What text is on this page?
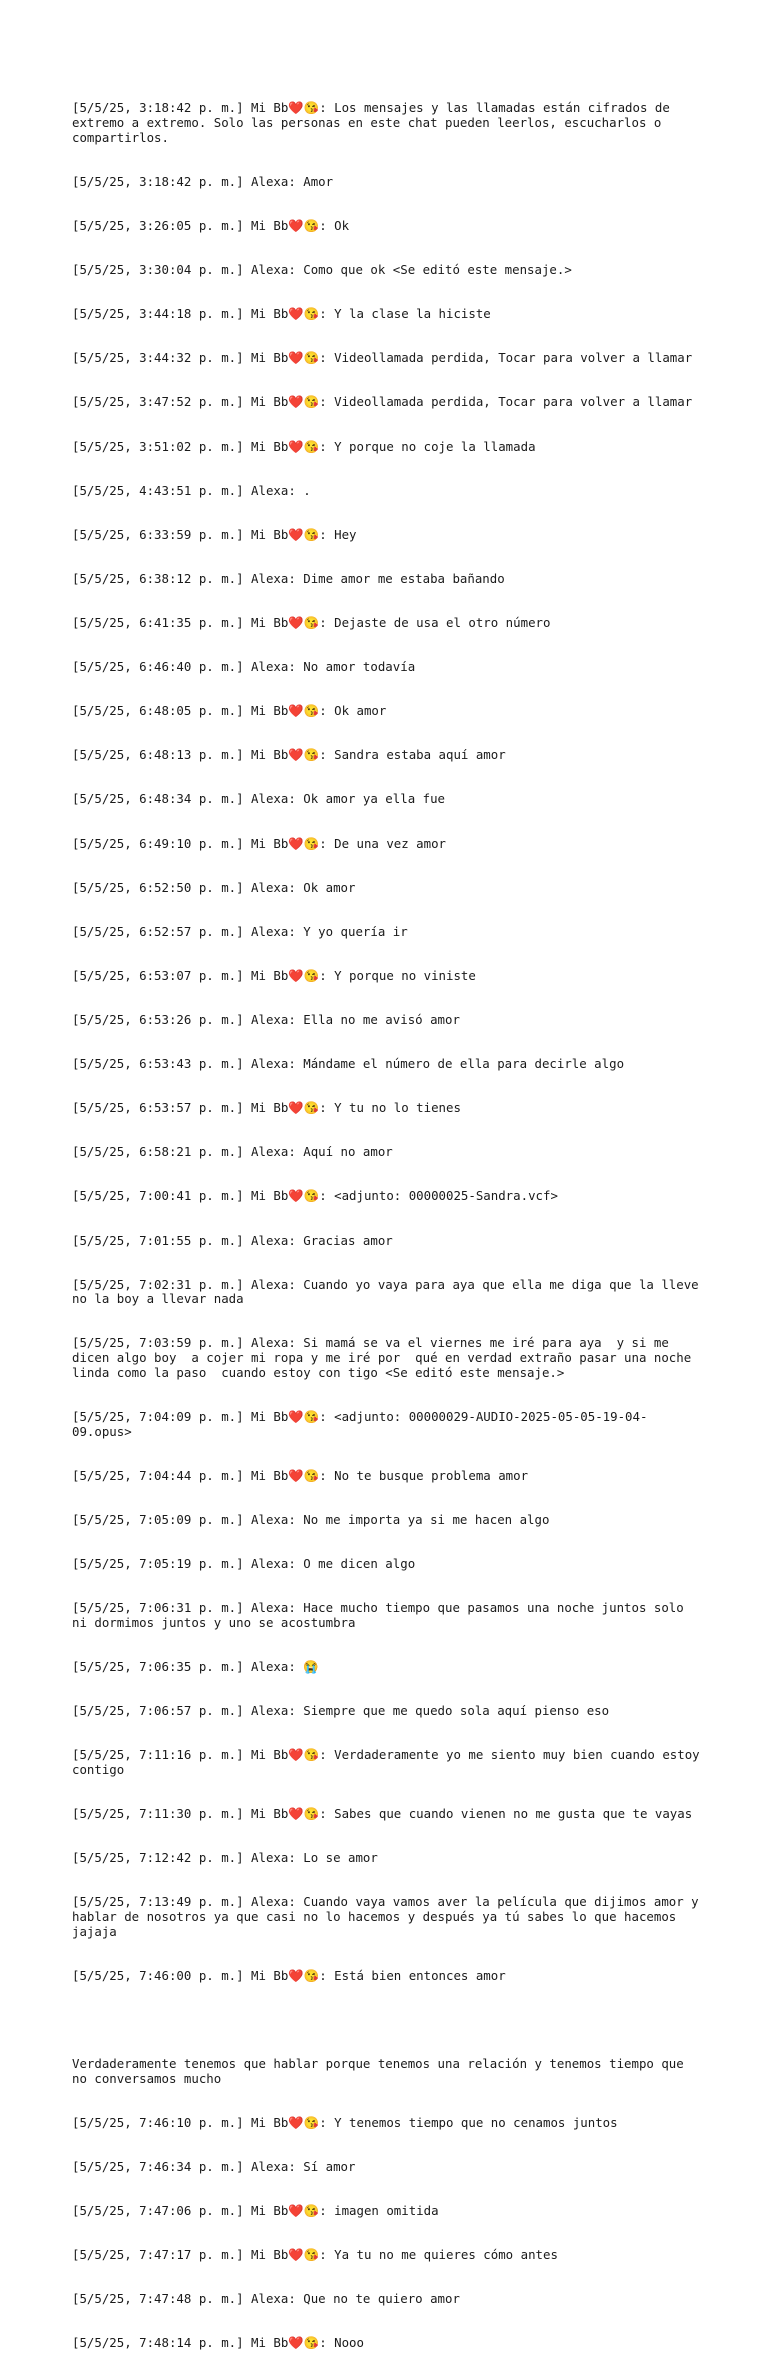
[5/5/25, 3:18:42 p. m.] Mi Bb❤️😘: Los mensajes y las llamadas están cifrados de extremo a extremo. Solo las personas en este chat pueden leerlos, escucharlos o compartirlos.

[5/5/25, 3:18:42 p. m.] Alexa: Amor

[5/5/25, 3:26:05 p. m.] Mi Bb❤️😘: Ok

[5/5/25, 3:30:04 p. m.] Alexa: Como que ok <Se editó este mensaje.>

[5/5/25, 3:44:18 p. m.] Mi Bb❤️😘: Y la clase la hiciste

[5/5/25, 3:44:32 p. m.] Mi Bb❤️😘: Videollamada perdida, Tocar para volver a llamar

[5/5/25, 3:47:52 p. m.] Mi Bb❤️😘: Videollamada perdida, Tocar para volver a llamar

[5/5/25, 3:51:02 p. m.] Mi Bb❤️😘: Y porque no coje la llamada

[5/5/25, 4:43:51 p. m.] Alexa: .

[5/5/25, 6:33:59 p. m.] Mi Bb❤️😘: Hey

[5/5/25, 6:38:12 p. m.] Alexa: Dime amor me estaba bañando

[5/5/25, 6:41:35 p. m.] Mi Bb❤️😘: Dejaste de usa el otro número

[5/5/25, 6:46:40 p. m.] Alexa: No amor todavía

[5/5/25, 6:48:05 p. m.] Mi Bb❤️😘: Ok amor

[5/5/25, 6:48:13 p. m.] Mi Bb❤️😘: Sandra estaba aquí amor

[5/5/25, 6:48:34 p. m.] Alexa: Ok amor ya ella fue

[5/5/25, 6:49:10 p. m.] Mi Bb❤️😘: De una vez amor

[5/5/25, 6:52:50 p. m.] Alexa: Ok amor

[5/5/25, 6:52:57 p. m.] Alexa: Y yo quería ir

[5/5/25, 6:53:07 p. m.] Mi Bb❤️😘: Y porque no viniste

[5/5/25, 6:53:26 p. m.] Alexa: Ella no me avisó amor

[5/5/25, 6:53:43 p. m.] Alexa: Mándame el número de ella para decirle algo

[5/5/25, 6:53:57 p. m.] Mi Bb❤️😘: Y tu no lo tienes

[5/5/25, 6:58:21 p. m.] Alexa: Aquí no amor

[5/5/25, 7:00:41 p. m.] Mi Bb❤️😘: <adjunto: 00000025-Sandra.vcf>

[5/5/25, 7:01:55 p. m.] Alexa: Gracias amor

[5/5/25, 7:02:31 p. m.] Alexa: Cuando yo vaya para aya que ella me diga que la lleve no la boy a llevar nada

[5/5/25, 7:03:59 p. m.] Alexa: Si mamá se va el viernes me iré para aya  y si me dicen algo boy  a cojer mi ropa y me iré por  qué en verdad extraño pasar una noche linda como la paso  cuando estoy con tigo <Se editó este mensaje.>

[5/5/25, 7:04:09 p. m.] Mi Bb❤️😘: <adjunto: 00000029-AUDIO-2025-05-05-19-04-09.opus>

[5/5/25, 7:04:44 p. m.] Mi Bb❤️😘: No te busque problema amor

[5/5/25, 7:05:09 p. m.] Alexa: No me importa ya si me hacen algo

[5/5/25, 7:05:19 p. m.] Alexa: O me dicen algo

[5/5/25, 7:06:31 p. m.] Alexa: Hace mucho tiempo que pasamos una noche juntos solo ni dormimos juntos y uno se acostumbra

[5/5/25, 7:06:35 p. m.] Alexa: 😭

[5/5/25, 7:06:57 p. m.] Alexa: Siempre que me quedo sola aquí pienso eso

[5/5/25, 7:11:16 p. m.] Mi Bb❤️😘: Verdaderamente yo me siento muy bien cuando estoy contigo

[5/5/25, 7:11:30 p. m.] Mi Bb❤️😘: Sabes que cuando vienen no me gusta que te vayas

[5/5/25, 7:12:42 p. m.] Alexa: Lo se amor

[5/5/25, 7:13:49 p. m.] Alexa: Cuando vaya vamos aver la película que dijimos amor y hablar de nosotros ya que casi no lo hacemos y después ya tú sabes lo que hacemos jajaja

[5/5/25, 7:46:00 p. m.] Mi Bb❤️😘: Está bien entonces amor

Verdaderamente tenemos que hablar porque tenemos una relación y tenemos tiempo que no conversamos mucho

[5/5/25, 7:46:10 p. m.] Mi Bb❤️😘: Y tenemos tiempo que no cenamos juntos

[5/5/25, 7:46:34 p. m.] Alexa: Sí amor

[5/5/25, 7:47:06 p. m.] Mi Bb❤️😘: imagen omitida

[5/5/25, 7:47:17 p. m.] Mi Bb❤️😘: Ya tu no me quieres cómo antes

[5/5/25, 7:47:48 p. m.] Alexa: Que no te quiero amor

[5/5/25, 7:48:14 p. m.] Mi Bb❤️😘: Nooo
